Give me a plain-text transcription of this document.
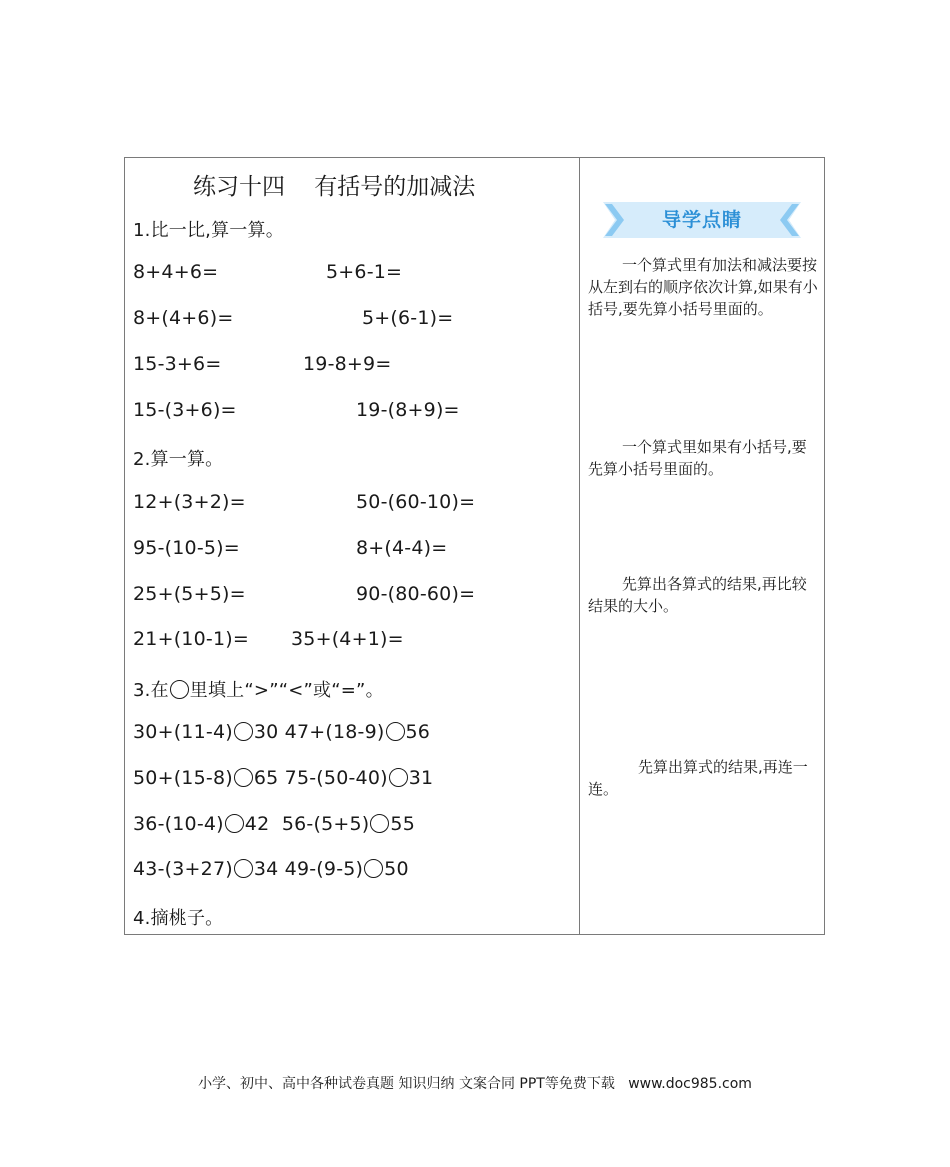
练习十四    有括号的加减法
1.比一比,算一算。
8+4+6=	5+6-1=
8+(4+6)=	5+(6-1)=
15-3+6=	19-8+9=
15-(3+6)=	19-(8+9)=
2.算一算。
12+(3+2)=	50-(60-10)=
95-(10-5)=	8+(4-4)=
25+(5+5)=	90-(80-60)=
21+(10-1)= 35+(4+1)=
3.在 里填上“>”“<”或“=”。
30+(11-4) 30 47+(18-9) 56
50+(15-8) 65 75-(50-40) 31
36-(10-4) 42  56-(5+5) 55
43-(3+27) 34 49-(9-5) 50
4.摘桃子。
导学点睛
一个算式里有加法和减法要按从左到右的顺序依次计算,如果有小括号,要先算小括号里面的。
一个算式里如果有小括号,要先算小括号里面的。
先算出各算式的结果,再比较结果的大小。
先算出算式的结果,再连一连。
小学、初中、高中各种试卷真题 知识归纳 文案合同 PPT等免费下载   www.doc985.com
